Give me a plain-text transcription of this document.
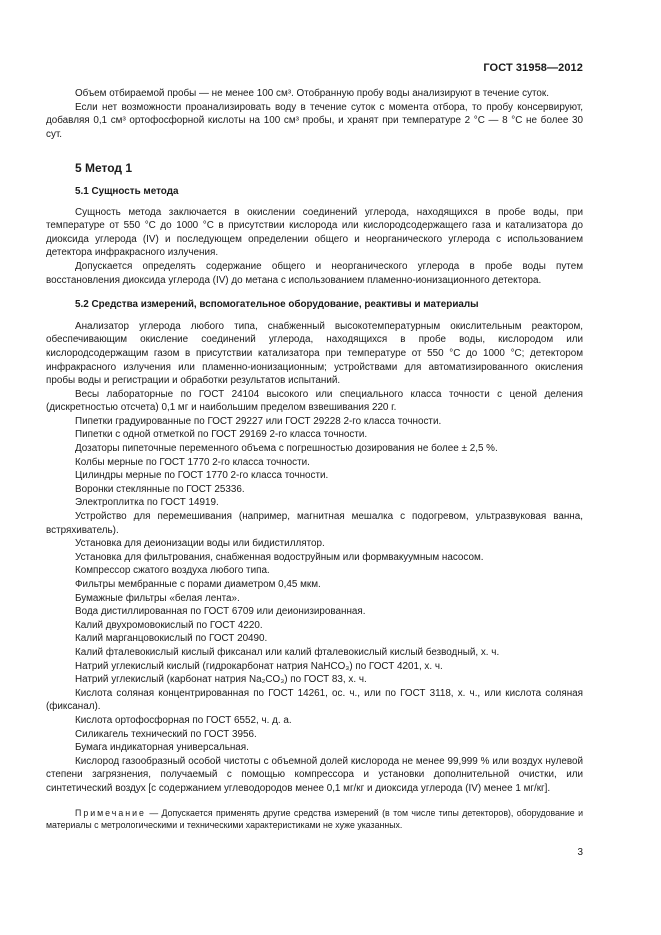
ГОСТ 31958—2012

Объем отбираемой пробы — не менее 100 см³. Отобранную пробу воды анализируют в течение суток.

Если нет возможности проанализировать воду в течение суток с момента отбора, то пробу консервируют, добавляя 0,1 см³ ортофосфорной кислоты на 100 см³ пробы, и хранят при температуре 2 °С — 8 °С не более 30 сут.

5 Метод 1
5.1 Сущность метода

Сущность метода заключается в окислении соединений углерода, находящихся в пробе воды, при температуре от 550 °С до 1000 °С в присутствии кислорода или кислородсодержащего газа и катализатора до диоксида углерода (IV) и последующем определении общего и неорганического углерода с использованием детектора инфракрасного излучения.

Допускается определять содержание общего и неорганического углерода в пробе воды путем восстановления диоксида углерода (IV) до метана с использованием пламенно-ионизационного детектора.

5.2 Средства измерений, вспомогательное оборудование, реактивы и материалы

Анализатор углерода любого типа, снабженный высокотемпературным окислительным реактором, обеспечивающим окисление соединений углерода, находящихся в пробе воды, кислородом или кислородсодержащим газом в присутствии катализатора при температуре от 550 °С до 1000 °С; детектором инфракрасного излучения или пламенно-ионизационным; устройствами для автоматизированного окисления пробы воды и регистрации и обработки результатов испытаний.

Весы лабораторные по ГОСТ 24104 высокого или специального класса точности с ценой деления (дискретностью отсчета) 0,1 мг и наибольшим пределом взвешивания 220 г.

Пипетки градуированные по ГОСТ 29227 или ГОСТ 29228 2-го класса точности.

Пипетки с одной отметкой по ГОСТ 29169 2-го класса точности.

Дозаторы пипеточные переменного объема с погрешностью дозирования не более ± 2,5 %.

Колбы мерные по ГОСТ 1770 2-го класса точности.

Цилиндры мерные по ГОСТ 1770 2-го класса точности.

Воронки стеклянные по ГОСТ 25336.

Электроплитка по ГОСТ 14919.

Устройство для перемешивания (например, магнитная мешалка с подогревом, ультразвуковая ванна, встряхиватель).

Установка для деионизации воды или бидистиллятор.

Установка для фильтрования, снабженная водоструйным или формвакуумным насосом.

Компрессор сжатого воздуха любого типа.

Фильтры мембранные с порами диаметром 0,45 мкм.

Бумажные фильтры «белая лента».

Вода дистиллированная по ГОСТ 6709 или деионизированная.

Калий двухромовокислый по ГОСТ 4220.

Калий марганцовокислый по ГОСТ 20490.

Калий фталевокислый кислый фиксанал или калий фталевокислый кислый безводный, х. ч.

Натрий углекислый кислый (гидрокарбонат натрия NaHCO₃) по ГОСТ 4201, х. ч.

Натрий углекислый (карбонат натрия Na₂CO₃) по ГОСТ 83, х. ч.

Кислота соляная концентрированная по ГОСТ 14261, ос. ч., или по ГОСТ 3118, х. ч., или кислота соляная (фиксанал).

Кислота ортофосфорная по ГОСТ 6552, ч. д. а.

Силикагель технический по ГОСТ 3956.

Бумага индикаторная универсальная.

Кислород газообразный особой чистоты с объемной долей кислорода не менее 99,999 % или воздух нулевой степени загрязнения, получаемый с помощью компрессора и установки дополнительной очистки, или синтетический воздух [с содержанием углеводородов менее 0,1 мг/кг и диоксида углерода (IV) менее 1 мг/кг].

Примечание — Допускается применять другие средства измерений (в том числе типы детекторов), оборудование и материалы с метрологическими и техническими характеристиками не хуже указанных.

3
